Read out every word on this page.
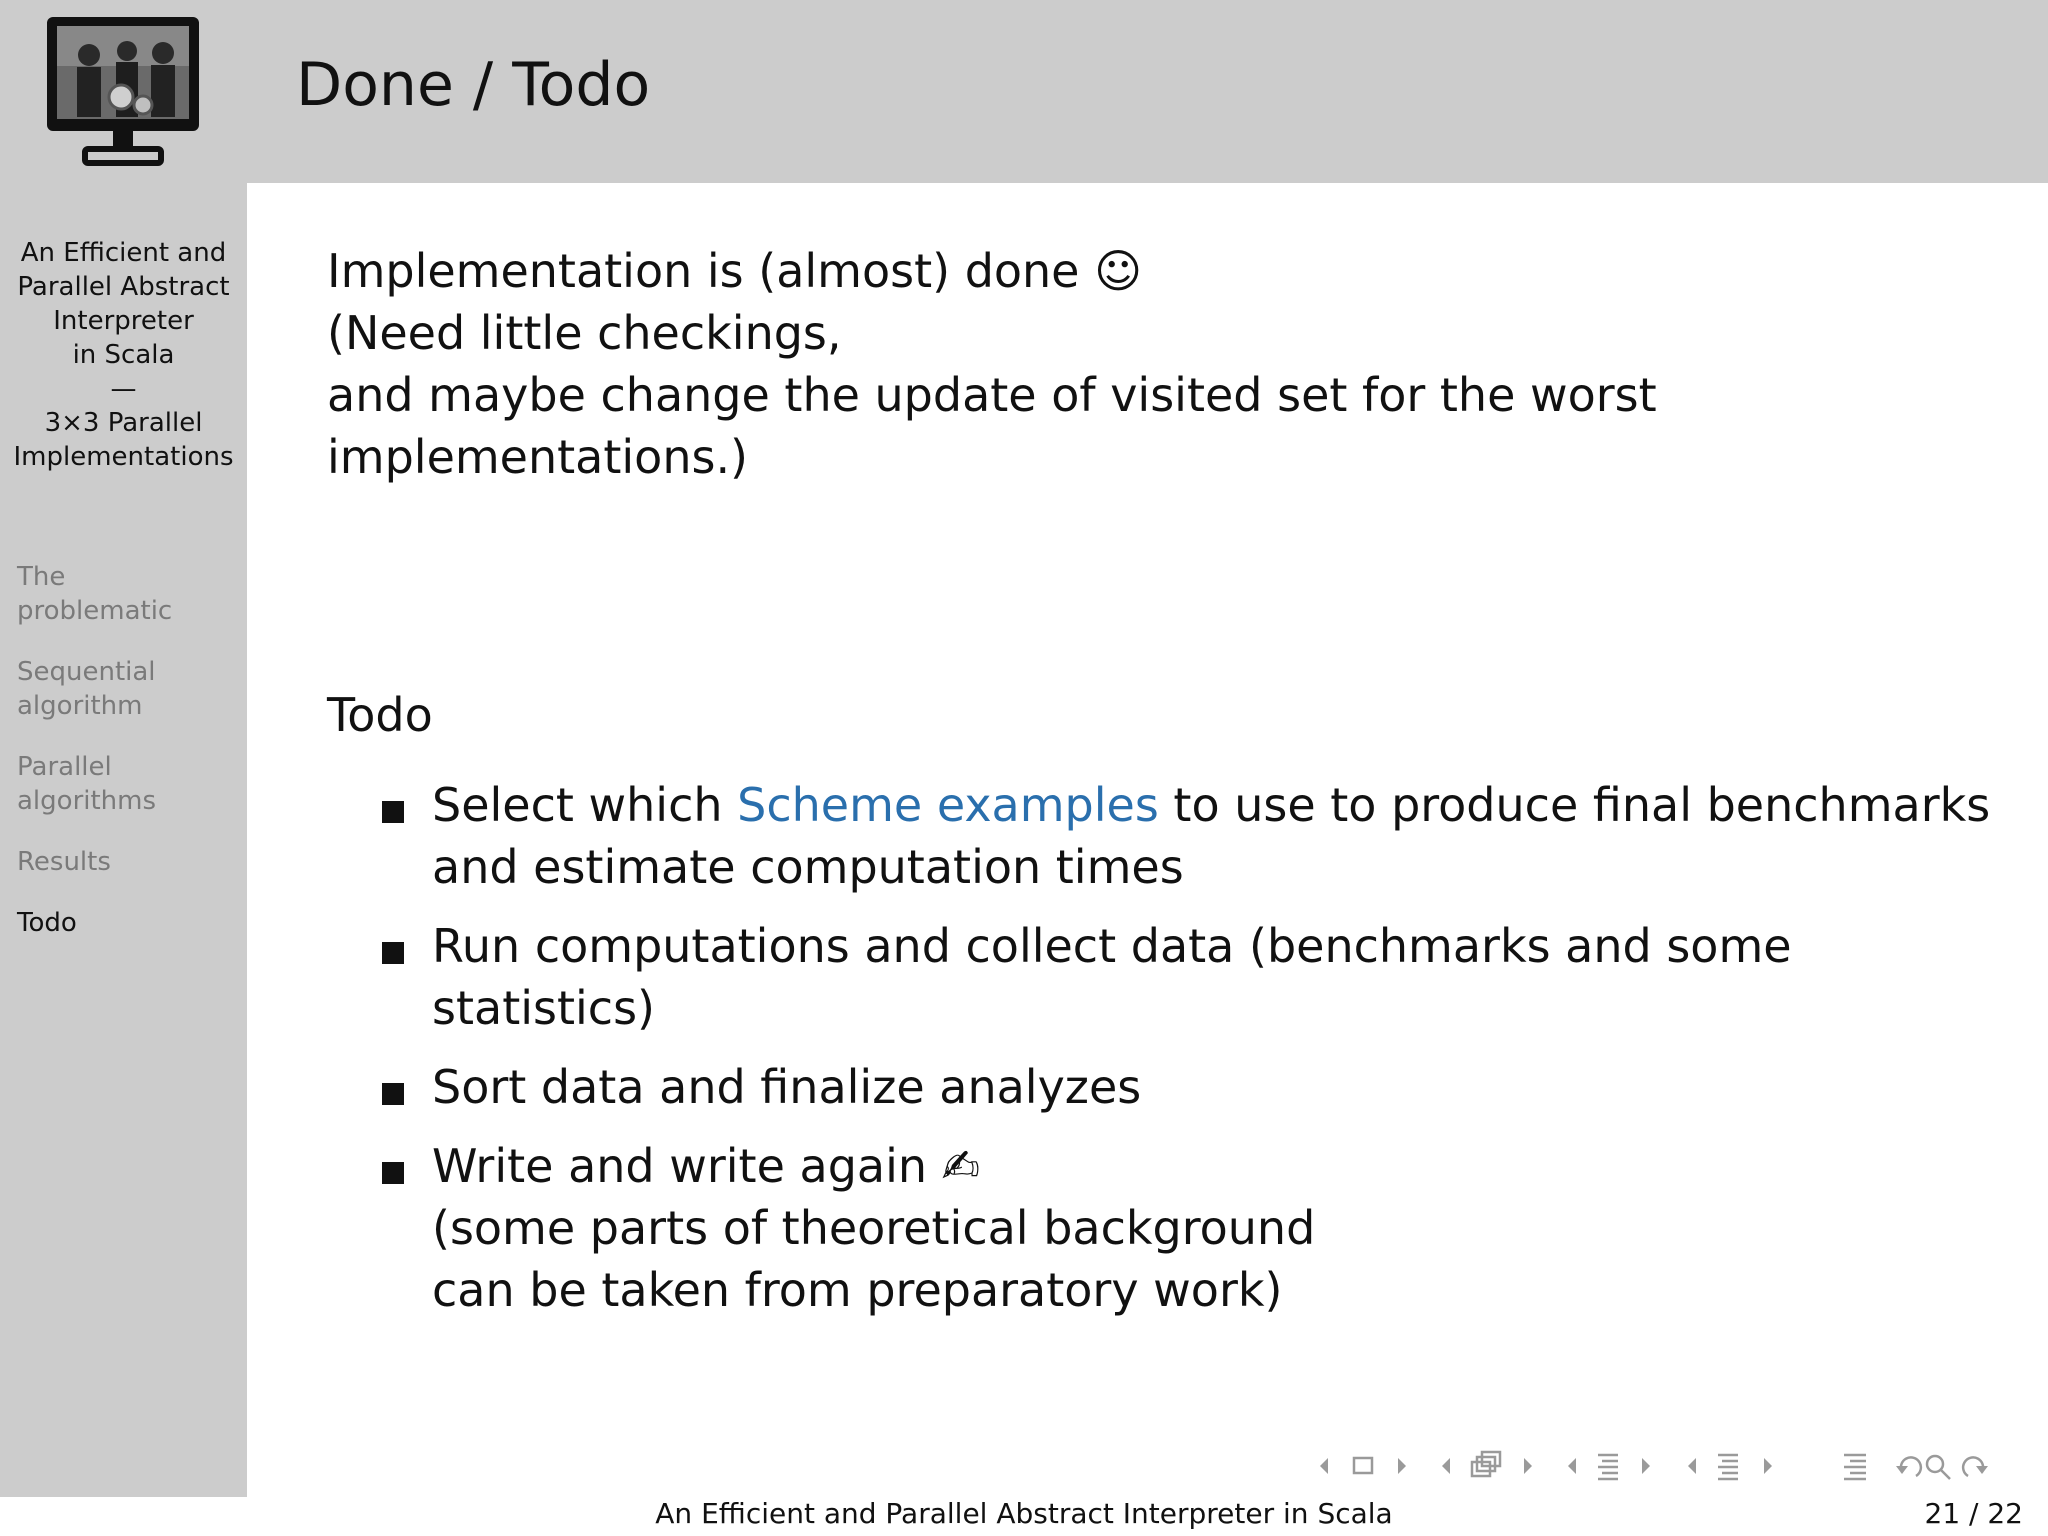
Done / Todo
An Efficient and
Parallel Abstract
Interpreter
in Scala
—
3×3 Parallel
Implementations
The problematic
Sequential algorithm
Parallel algorithms
Results
Todo

Implementation is (almost) done ☺

(Need little checkings,

and maybe change the update of visited set for the worst implementations.)

Todo
Select which Scheme examples to use to produce final benchmarks
and estimate computation times
Run computations and collect data (benchmarks and some statistics)
Sort data and finalize analyzes
Write and write again ✍
(some parts of theoretical background
can be taken from preparatory work)
An Efficient and Parallel Abstract Interpreter in Scala	21 / 22
